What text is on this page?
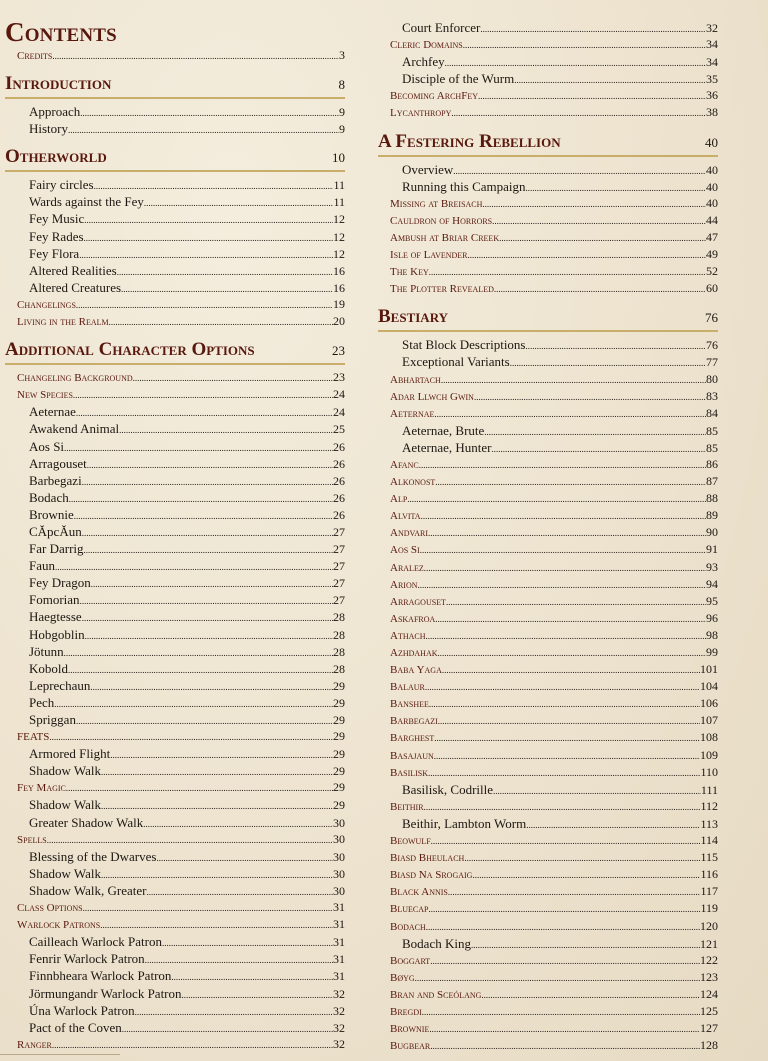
Contents
Credits .....	3
Introduction	8
Approach .....	9
History .....	9
Otherworld	10
Fairy circles .....	11
Wards against the Fey .....	11
Fey Music .....	12
Fey Rades .....	12
Fey Flora .....	12
Altered Realities .....	16
Altered Creatures .....	16
Changelings .....	19
Living in the Realm .....	20
Additional Character Options	23
Changeling Background .....	23
New Species .....	24
Aeternae .....	24
Awakend Animal .....	25
Aos Si .....	26
Arragouset .....	26
Barbegazi .....	26
Bodach .....	26
Brownie .....	26
CĂpcĂun .....	27
Far Darrig .....	27
Faun .....	27
Fey Dragon .....	27
Fomorian .....	27
Haegtesse .....	28
Hobgoblin .....	28
Jötunn .....	28
Kobold .....	28
Leprechaun .....	29
Pech .....	29
Spriggan .....	29
FEATS .....	29
Armored Flight .....	29
Shadow Walk .....	29
Fey Magic .....	29
Shadow Walk .....	29
Greater Shadow Walk .....	30
Spells .....	30
Blessing of the Dwarves .....	30
Shadow Walk .....	30
Shadow Walk, Greater .....	30
Class Options .....	31
Warlock Patrons .....	31
Cailleach Warlock Patron .....	31
Fenrir Warlock Patron .....	31
Finnbheara Warlock Patron .....	31
Jörmungandr Warlock Patron .....	32
Úna Warlock Patron .....	32
Pact of the Coven .....	32
Ranger .....	32
Court Enforcer .....	32
Cleric Domains .....	34
Archfey .....	34
Disciple of the Wurm .....	35
Becoming ArchFey .....	36
Lycanthropy .....	38
A Festering Rebellion	40
Overview .....	40
Running this Campaign .....	40
Missing at Breisach .....	40
Cauldron of Horrors .....	44
Ambush at Briar Creek .....	47
Isle of Lavender .....	49
The Key .....	52
The Plotter Revealed .....	60
Bestiary	76
Stat Block Descriptions .....	76
Exceptional Variants .....	77
Abhartach .....	80
Adar Llwch Gwin .....	83
Aeternae .....	84
Aeternae, Brute .....	85
Aeternae, Hunter .....	85
Afanc .....	86
Alkonost .....	87
Alp .....	88
Alvita .....	89
Andvari .....	90
Aos Si .....	91
Aralez .....	93
Arion .....	94
Arragouset .....	95
Askafroa .....	96
Athach .....	98
Azhdahak .....	99
Baba Yaga .....	101
Balaur .....	104
Banshee .....	106
Barbegazi .....	107
Barghest .....	108
Basajaun .....	109
Basilisk .....	110
Basilisk, Codrille .....	111
Beithir .....	112
Beithir, Lambton Worm .....	113
Beowulf .....	114
Biasd Bheulach .....	115
Biasd Na Srogaig .....	116
Black Annis .....	117
Bluecap .....	119
Bodach .....	120
Bodach King .....	121
Boggart .....	122
Bøyg .....	123
Bran and Sceólang .....	124
Bregdi .....	125
Brownie .....	127
Bugbear .....	128
